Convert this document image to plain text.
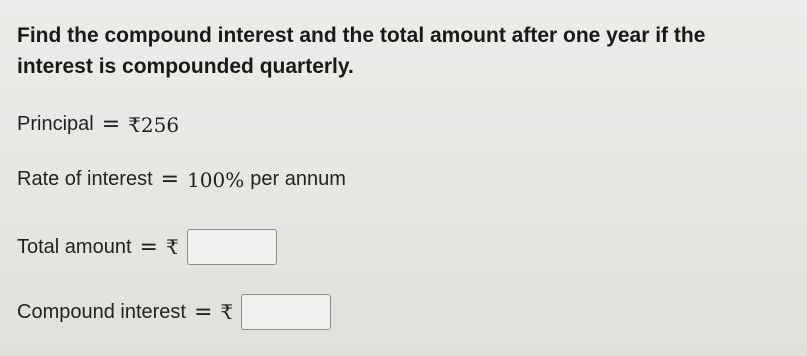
Find the compound interest and the total amount after one year if the interest is compounded quarterly.
Principal = ₹ 256
Rate of interest = 100% per annum
Total amount = ₹
Compound interest = ₹
